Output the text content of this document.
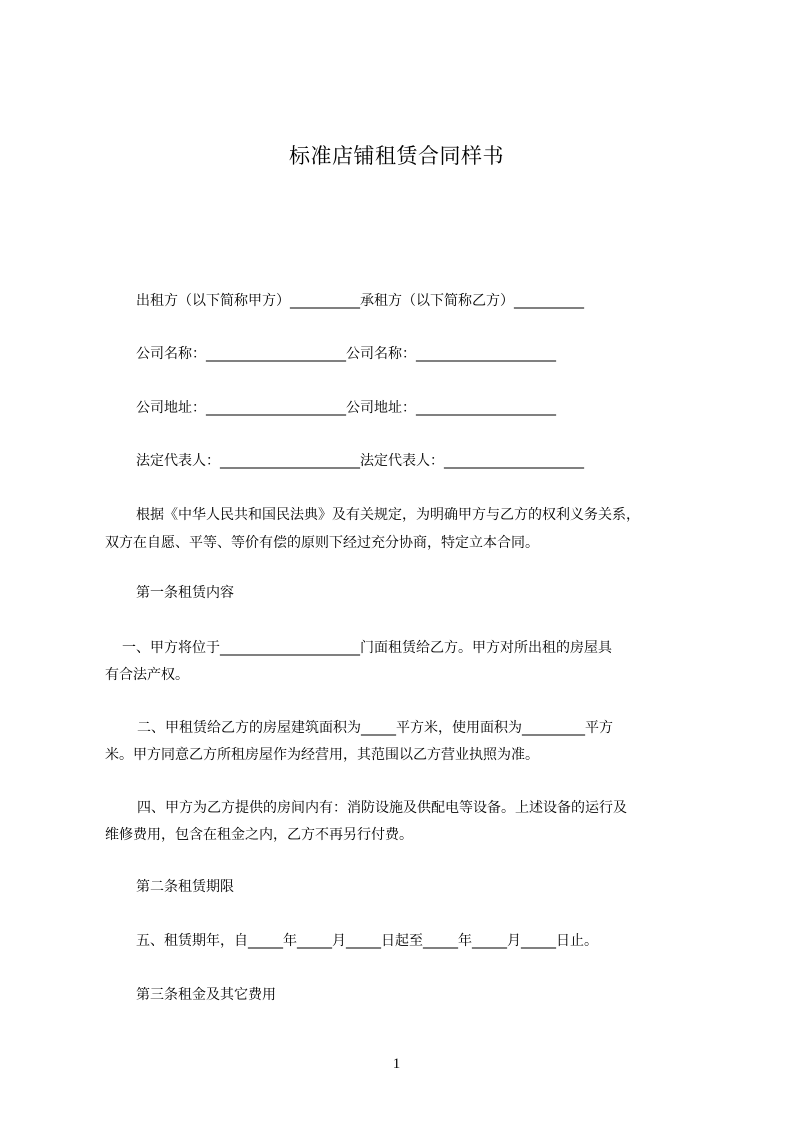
标准店铺租赁合同样书
出租方（以下简称甲方）__________承租方（以下简称乙方）__________
公司名称：____________________公司名称：____________________
公司地址：____________________公司地址：____________________
法定代表人：____________________法定代表人：____________________
根据《中华人民共和国民法典》及有关规定，为明确甲方与乙方的权利义务关系，
双方在自愿、平等、等价有偿的原则下经过充分协商，特定立本合同。
第一条租赁内容
一、甲方将位于____________________门面租赁给乙方。甲方对所出租的房屋具
有合法产权。
二、甲租赁给乙方的房屋建筑面积为_____平方米，使用面积为_________平方
米。甲方同意乙方所租房屋作为经营用，其范围以乙方营业执照为准。
四、甲方为乙方提供的房间内有：消防设施及供配电等设备。上述设备的运行及
维修费用，包含在租金之内，乙方不再另行付费。
第二条租赁期限
五、租赁期年，自_____年_____月_____日起至_____年_____月_____日止。
第三条租金及其它费用
1
